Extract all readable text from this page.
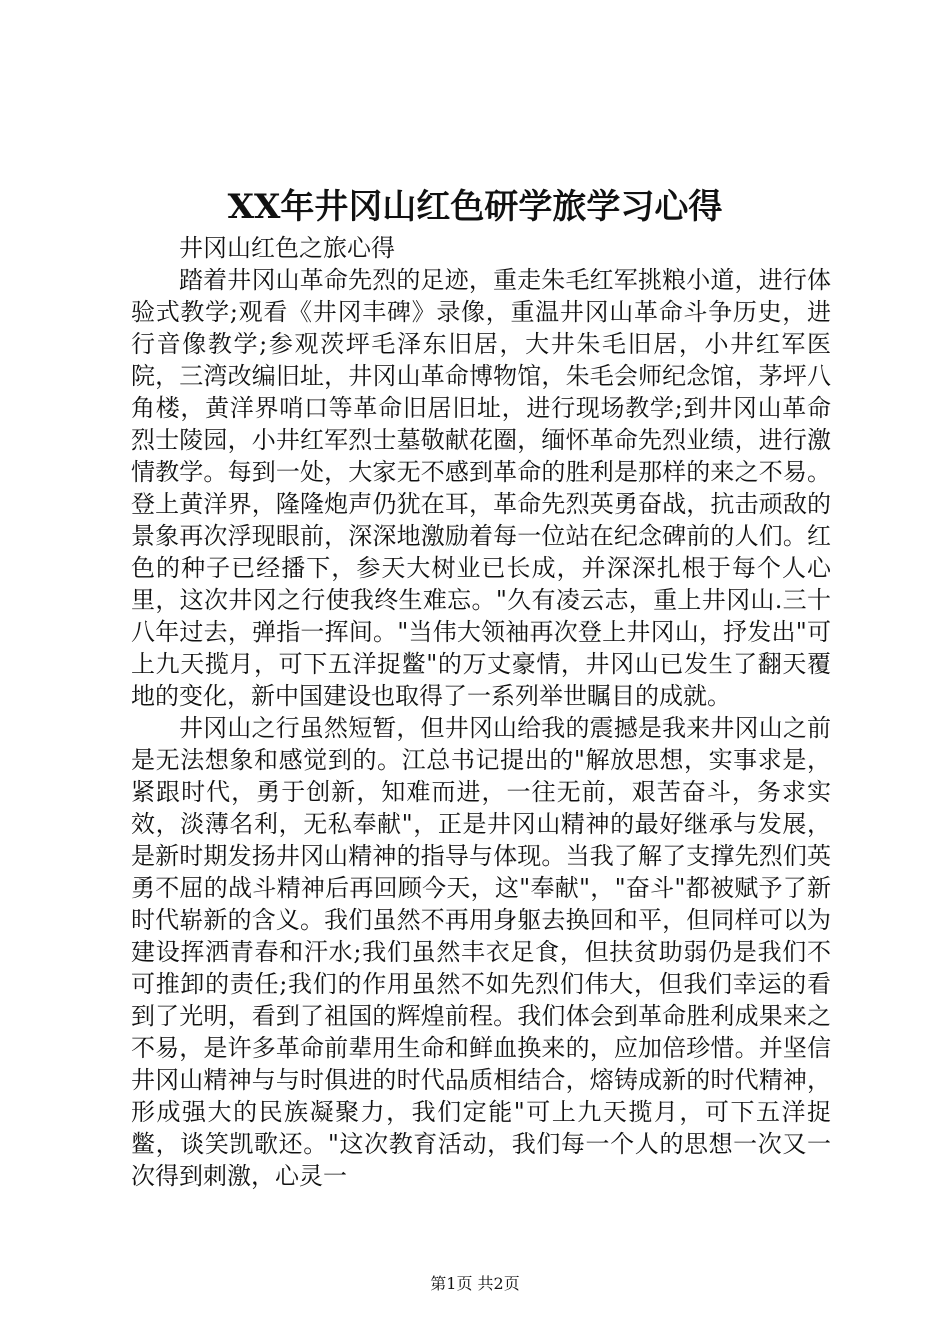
XX年井冈山红色研学旅学习心得

井冈山红色之旅心得

踏着井冈山革命先烈的足迹，重走朱毛红军挑粮小道，进行体验式教学;观看《井冈丰碑》录像，重温井冈山革命斗争历史，进行音像教学;参观茨坪毛泽东旧居，大井朱毛旧居，小井红军医院，三湾改编旧址，井冈山革命博物馆，朱毛会师纪念馆，茅坪八角楼，黄洋界哨口等革命旧居旧址，进行现场教学;到井冈山革命烈士陵园，小井红军烈士墓敬献花圈，缅怀革命先烈业绩，进行激情教学。每到一处，大家无不感到革命的胜利是那样的来之不易。登上黄洋界，隆隆炮声仍犹在耳，革命先烈英勇奋战，抗击顽敌的景象再次浮现眼前，深深地激励着每一位站在纪念碑前的人们。红色的种子已经播下，参天大树业已长成，并深深扎根于每个人心里，这次井冈之行使我终生难忘。"久有凌云志，重上井冈山.三十八年过去，弹指一挥间。"当伟大领袖再次登上井冈山，抒发出"可上九天揽月，可下五洋捉鳖"的万丈豪情，井冈山已发生了翻天覆地的变化，新中国建设也取得了一系列举世瞩目的成就。

井冈山之行虽然短暂，但井冈山给我的震撼是我来井冈山之前是无法想象和感觉到的。江总书记提出的"解放思想，实事求是，紧跟时代，勇于创新，知难而进，一往无前，艰苦奋斗，务求实效，淡薄名利，无私奉献"，正是井冈山精神的最好继承与发展，是新时期发扬井冈山精神的指导与体现。当我了解了支撑先烈们英勇不屈的战斗精神后再回顾今天，这"奉献"，"奋斗"都被赋予了新时代崭新的含义。我们虽然不再用身躯去换回和平，但同样可以为建设挥洒青春和汗水;我们虽然丰衣足食，但扶贫助弱仍是我们不可推卸的责任;我们的作用虽然不如先烈们伟大，但我们幸运的看到了光明，看到了祖国的辉煌前程。我们体会到革命胜利成果来之不易，是许多革命前辈用生命和鲜血换来的，应加倍珍惜。并坚信井冈山精神与与时俱进的时代品质相结合，熔铸成新的时代精神，形成强大的民族凝聚力，我们定能"可上九天揽月，可下五洋捉鳖，谈笑凯歌还。"这次教育活动，我们每一个人的思想一次又一次得到刺激，心灵一

第1页 共2页
